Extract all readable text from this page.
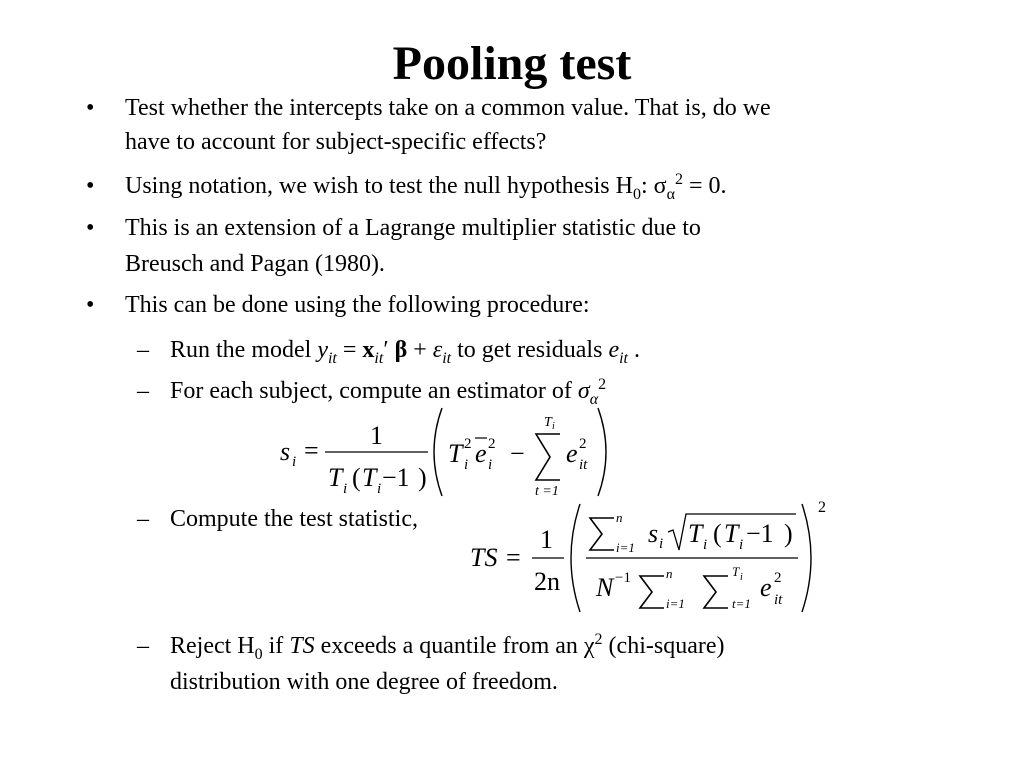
Pooling test
• Test whether the intercepts take on a common value. That is, do we
have to account for subject-specific effects?
• Using notation, we wish to test the null hypothesis $H_0$: $\sigma_\alpha^2 = 0$.
• This is an extension of a Lagrange multiplier statistic due to
Breusch and Pagan (1980).
• This can be done using the following procedure:
– Run the model $y_{it} = x_{it}'$ $\beta + \varepsilon_{it}$ to get residuals $e_{it}$ .
– For each subject, compute an estimator of $\sigma_\alpha^2$
s i =
1
T i ( T i −1 )
T 2
i e 2
i −
T i
t =1
e 2
it
– Compute the test statistic,
TS =
1
2n
n
i=1 s i T i ( T i −1 )
N −1	n
i=1
T i
t=1
e 2
it
2
– Reject $H_0$ if TS exceeds a quantile from an $\chi^2$ (chi-square)
distribution with one degree of freedom.
